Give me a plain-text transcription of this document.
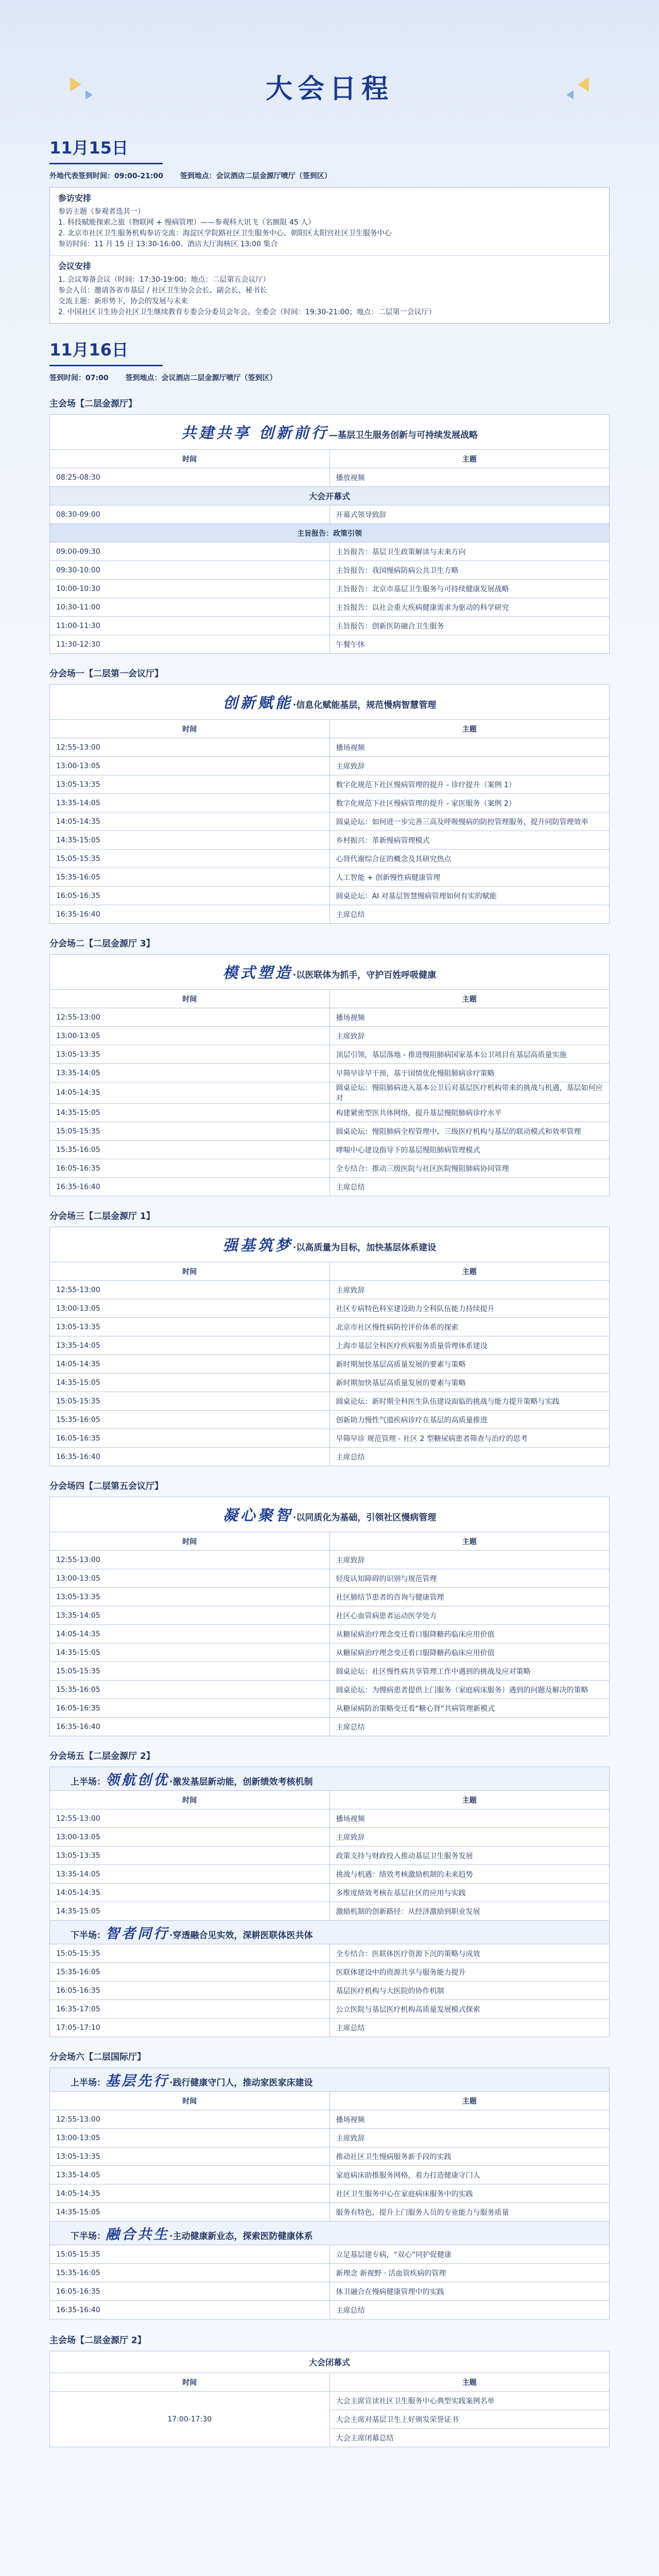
大会日程
11月15日
外地代表签到时间：09:00-21:00 签到地点：会议酒店二层金源厅喷厅（签到区）
参访安排
参访主题（参观者选其一）
1. 科技赋能探索之旅（物联网 + 慢病管理）——参观科大讯飞（名额限 45 人）
2. 北京市社区卫生服务机构参访交流：海淀区学院路社区卫生服务中心、朝阳区太阳宫社区卫生服务中心
参访时间：11 月 15 日 13:30-16:00。酒店大厅海核区 13:00 集合
会议安排
1. 会议筹备会议（时间：17:30-19:00；地点：二层第五会议厅）
参会人员：邀请各省市基层 / 社区卫生协会会长、副会长、秘书长
交流主题：新形势下，协会的发展与未来
2. 中国社区卫生协会社区卫生继续教育专委会分委员会年会。全委会（时间：19:30-21:00；地点：二层第一会议厅）
11月16日
签到时间：07:00 签到地点：会议酒店二层金源厅喷厅（签到区）
主会场【二层金源厅】
共建共享 创新前行—基层卫生服务创新与可持续发展战略	
时间	主题
08:25-08:30	播放视频
大会开幕式	
08:30-09:00	开幕式领导致辞
主旨报告：政策引领	
09:00-09:30	主旨报告：基层卫生政策解读与未来方向
09:30-10:00	主旨报告：我国慢病防病公共卫生方略
10:00-10:30	主旨报告：北京市基层卫生服务与可持续健康发展战略
10:30-11:00	主旨报告：以社会重大疾病健康需求为驱动的科学研究
11:00-11:30	主旨报告：创新医防融合卫生服务
11:30-12:30	午餐午休
分会场一【二层第一会议厅】
创新赋能·信息化赋能基层，规范慢病智慧管理	
时间	主题
12:55-13:00	播场视频
13:00-13:05	主席致辞
13:05-13:35	数字化规范下社区慢病管理的提升 - 诊疗提升（案例 1）
13:35-14:05	数字化规范下社区慢病管理的提升 - 家医服务（案例 2）
14:05-14:35	圆桌论坛：如何进一步完善三高及呼吸慢病的防控管理服务，提升同防管理效率
14:35-15:05	乡村振兴：革新慢病管理模式
15:05-15:35	心肾代谢综合征的概念及其研究热点
15:35-16:05	人工智能 + 创新慢性病健康管理
16:05-16:35	圆桌论坛：AI 对基层智慧慢病管理如何有实的赋能
16:35-16:40	主席总结
分会场二【二层金源厅 3】
模式塑造·以医联体为抓手，守护百姓呼吸健康	
时间	主题
12:55-13:00	播场视频
13:00-13:05	主席致辞
13:05-13:35	顶层引领，基层落地 - 推进慢阻肺病国家基本公卫项目在基层高质量实施
13:35-14:05	早筛早诊早干预，基于国情优化慢阻肺病诊疗策略
14:05-14:35	圆桌论坛：慢阻肺病进入基本公卫后对基层医疗机构带来的挑战与机遇，基层如何应对
14:35-15:05	构建紧密型医共体网络，提升基层慢阻肺病诊疗水平
15:05-15:35	圆桌论坛：慢阻肺病全程管理中，三级医疗机构与基层的联动模式和效率管理
15:35-16:05	哮喘中心建设指导下的基层慢阻肺病管理模式
16:05-16:35	全专结合：推动三级医院与社区医院慢阻肺病协同管理
16:35-16:40	主席总结
分会场三【二层金源厅 1】
强基筑梦·以高质量为目标，加快基层体系建设	
时间	主题
12:55-13:00	主席致辞
13:00-13:05	社区专病特色科室建设助力全科队伍能力持续提升
13:05-13:35	北京市社区慢性病防控评价体系的探索
13:35-14:05	上海市基层全科医疗疾病服务质量管理体系建设
14:05-14:35	新时期加快基层高质量发展的要素与策略
14:35-15:05	新时期加快基层高质量发展的要素与策略
15:05-15:35	圆桌论坛：新时期全科医生队伍建设面临的挑战与能力提升策略与实践
15:35-16:05	创新助力慢性气道疾病诊疗在基层的高质量推进
16:05-16:35	早筛早诊 规范管理 - 社区 2 型糖尿病患者筛查与治疗的思考
16:35-16:40	主席总结
分会场四【二层第五会议厅】
凝心聚智·以同质化为基础，引领社区慢病管理	
时间	主题
12:55-13:00	主席致辞
13:00-13:05	轻度认知障碍的识别与规范管理
13:05-13:35	社区肺结节患者的咨询与健康管理
13:35-14:05	社区心血管病患者运动医学处方
14:05-14:35	从糖尿病治疗理念变迁看口服降糖药临床应用价值
14:35-15:05	从糖尿病治疗理念变迁看口服降糖药临床应用价值
15:05-15:35	圆桌论坛：社区慢性病共享管理工作中遇到的挑战及应对策略
15:35-16:05	圆桌论坛：为慢病患者提供上门服务（家庭病床服务）遇到的问题及解决的策略
16:05-16:35	从糖尿病防治策略变迁看“糖心肾”共病管理新模式
16:35-16:40	主席总结
分会场五【二层金源厅 2】
上半场：领航创优·激发基层新动能，创新绩效考核机制	
时间	主题
12:55-13:00	播场视频
13:00-13:05	主席致辞
13:05-13:35	政策支持与财政投入推动基层卫生服务发展
13:35-14:05	挑战与机遇：绩效考核激励机制的未来趋势
14:05-14:35	多维度绩效考核在基层社区的应用与实践
14:35-15:05	激励机制的创新路径：从经济激励到职业发展
下半场：智者同行·穿透融合见实效，深耕医联体医共体	
15:05-15:35	全专结合：医联体医疗资源下沉的策略与成效
15:35-16:05	医联体建设中的资源共享与服务能力提升
16:05-16:35	基层医疗机构与大医院的协作机制
16:35-17:05	公立医院与基层医疗机构高质量发展模式探索
17:05-17:10	主席总结
分会场六【二层国际厅】
上半场：基层先行·践行健康守门人，推动家医家床建设	
时间	主题
12:55-13:00	播场视频
13:00-13:05	主席致辞
13:05-13:35	推动社区卫生慢病服务新手段的实践
13:35-14:05	家庭病床助推服务网格，着力打造健康守门人
14:05-14:35	社区卫生服务中心在家庭病床服务中的实践
14:35-15:05	服务有特色，提升上门服务人员的专业能力与服务质量
下半场：融合共生·主动健康新业态，探索医防健康体系	
15:05-15:35	立足基层建专病，“双心”同护促健康
15:35-16:05	新理念 新视野 · 活血管疾病的管理
16:05-16:35	体卫融合在慢病健康管理中的实践
16:35-16:40	主席总结
主会场【二层金源厅 2】
大会闭幕式	
时间	主题
17:00-17:30	大会主席宣读社区卫生服务中心典型实践案例名单
	大会主席对基层卫生上好颁发荣誉证书
	大会主席闭幕总结
